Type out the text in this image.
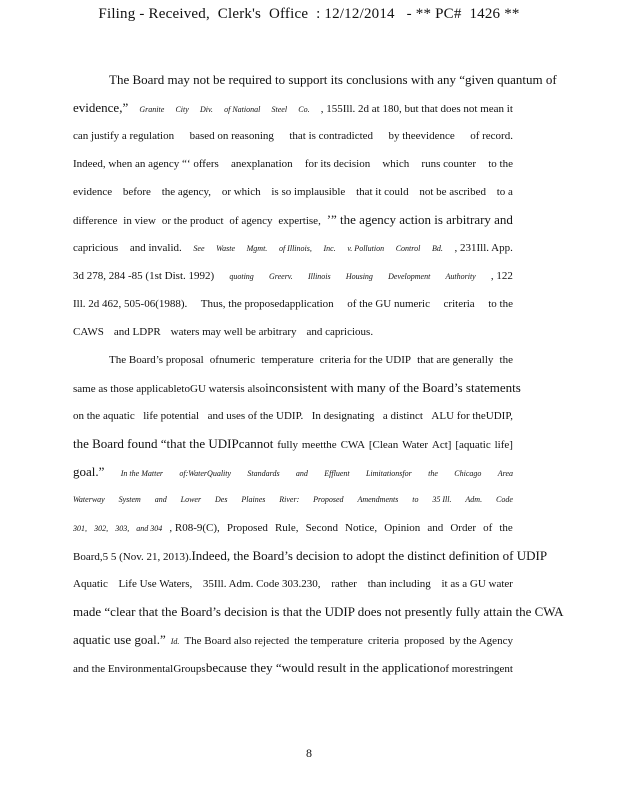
Filing - Received,  Clerk's  Office  : 12/12/2014   - ** PC#  1426 **
The Board may not be required to support its conclusions with any “given quantum of
evidence,” Granite City Div. of National Steel Co. , 155Ill. 2d at 180, but that does not mean it
can justify a regulation based on reasoning that is contradicted by theevidence of record.
Indeed, when an agency “‘ offers anexplanation for its decision which runs counter to the
evidence before the agency, or which is so implausible that it could not be ascribed to a
difference in view or the product of agency expertise, ’” the agency action is arbitrary and
capricious and invalid. See Waste Mgmt. of Illinois, Inc. v. Pollution Control Bd. , 231Ill. App.
3d 278, 284 -85 (1st Dist. 1992) quoting Greerv. Illinois Housing Development Authority , 122
Ill. 2d 462, 505-06(1988). Thus, the proposedapplication of the GU numeric criteria to the
CAWS and LDPR waters may well be arbitrary and capricious.
The Board’s proposal ofnumeric temperature criteria for the UDIP that are generally the
same as those applicableto GU waters is also inconsistent with many of the Board’s statements
on the aquatic life potential and uses of the UDIP. In designating a distinct ALU for theUDIP,
the Board found “that the UDIPcannot fully meetthe CWA [Clean Water Act] [aquatic life]
goal.” In the Matter of:WaterQuality Standards and Effluent Limitationsfor the Chicago Area
Waterway System and Lower Des Plaines River: Proposed Amendments to 35 Ill. Adm. Code
301, 302, 303, and 304 , R08-9(C), Proposed Rule, Second Notice, Opinion and Order of the
Board,5 5 (Nov. 21, 2013). Indeed, the Board’s decision to adopt the distinct definition of UDIP
Aquatic Life Use Waters, 35Ill. Adm. Code 303.230, rather than including it as a GU water
made “clear that the Board’s decision is that the UDIP does not presently fully attain the CWA
aquatic use goal.” Id. The Board also rejected the temperature criteria proposed by the Agency
and the Environmental Groups because they “would result in the application of more stringent
8
